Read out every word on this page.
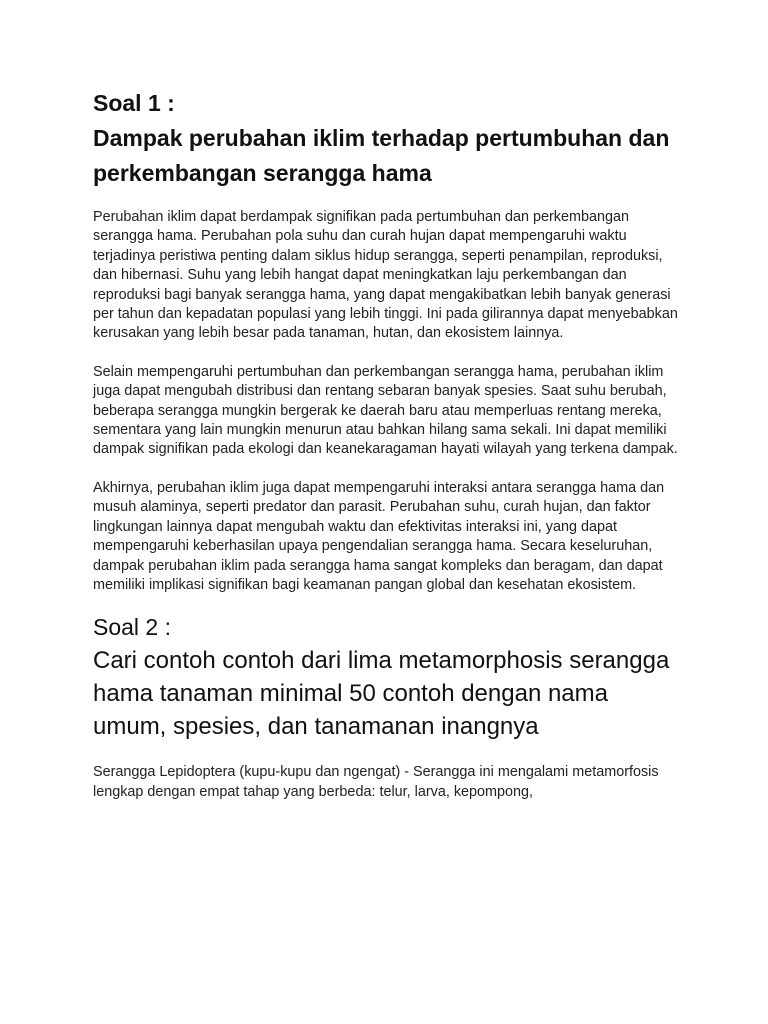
Soal 1 :
Dampak perubahan iklim terhadap pertumbuhan dan perkembangan serangga hama

Perubahan iklim dapat berdampak signifikan pada pertumbuhan dan perkembangan serangga hama. Perubahan pola suhu dan curah hujan dapat mempengaruhi waktu terjadinya peristiwa penting dalam siklus hidup serangga, seperti penampilan, reproduksi, dan hibernasi. Suhu yang lebih hangat dapat meningkatkan laju perkembangan dan reproduksi bagi banyak serangga hama, yang dapat mengakibatkan lebih banyak generasi per tahun dan kepadatan populasi yang lebih tinggi. Ini pada gilirannya dapat menyebabkan kerusakan yang lebih besar pada tanaman, hutan, dan ekosistem lainnya.

Selain mempengaruhi pertumbuhan dan perkembangan serangga hama, perubahan iklim juga dapat mengubah distribusi dan rentang sebaran banyak spesies. Saat suhu berubah, beberapa serangga mungkin bergerak ke daerah baru atau memperluas rentang mereka, sementara yang lain mungkin menurun atau bahkan hilang sama sekali. Ini dapat memiliki dampak signifikan pada ekologi dan keanekaragaman hayati wilayah yang terkena dampak.

Akhirnya, perubahan iklim juga dapat mempengaruhi interaksi antara serangga hama dan musuh alaminya, seperti predator dan parasit. Perubahan suhu, curah hujan, dan faktor lingkungan lainnya dapat mengubah waktu dan efektivitas interaksi ini, yang dapat mempengaruhi keberhasilan upaya pengendalian serangga hama. Secara keseluruhan, dampak perubahan iklim pada serangga hama sangat kompleks dan beragam, dan dapat memiliki implikasi signifikan bagi keamanan pangan global dan kesehatan ekosistem.

Soal 2 :
Cari contoh contoh dari lima metamorphosis serangga hama tanaman minimal 50 contoh dengan nama umum, spesies, dan tanamanan inangnya

Serangga Lepidoptera (kupu-kupu dan ngengat) - Serangga ini mengalami metamorfosis lengkap dengan empat tahap yang berbeda: telur, larva, kepompong,
